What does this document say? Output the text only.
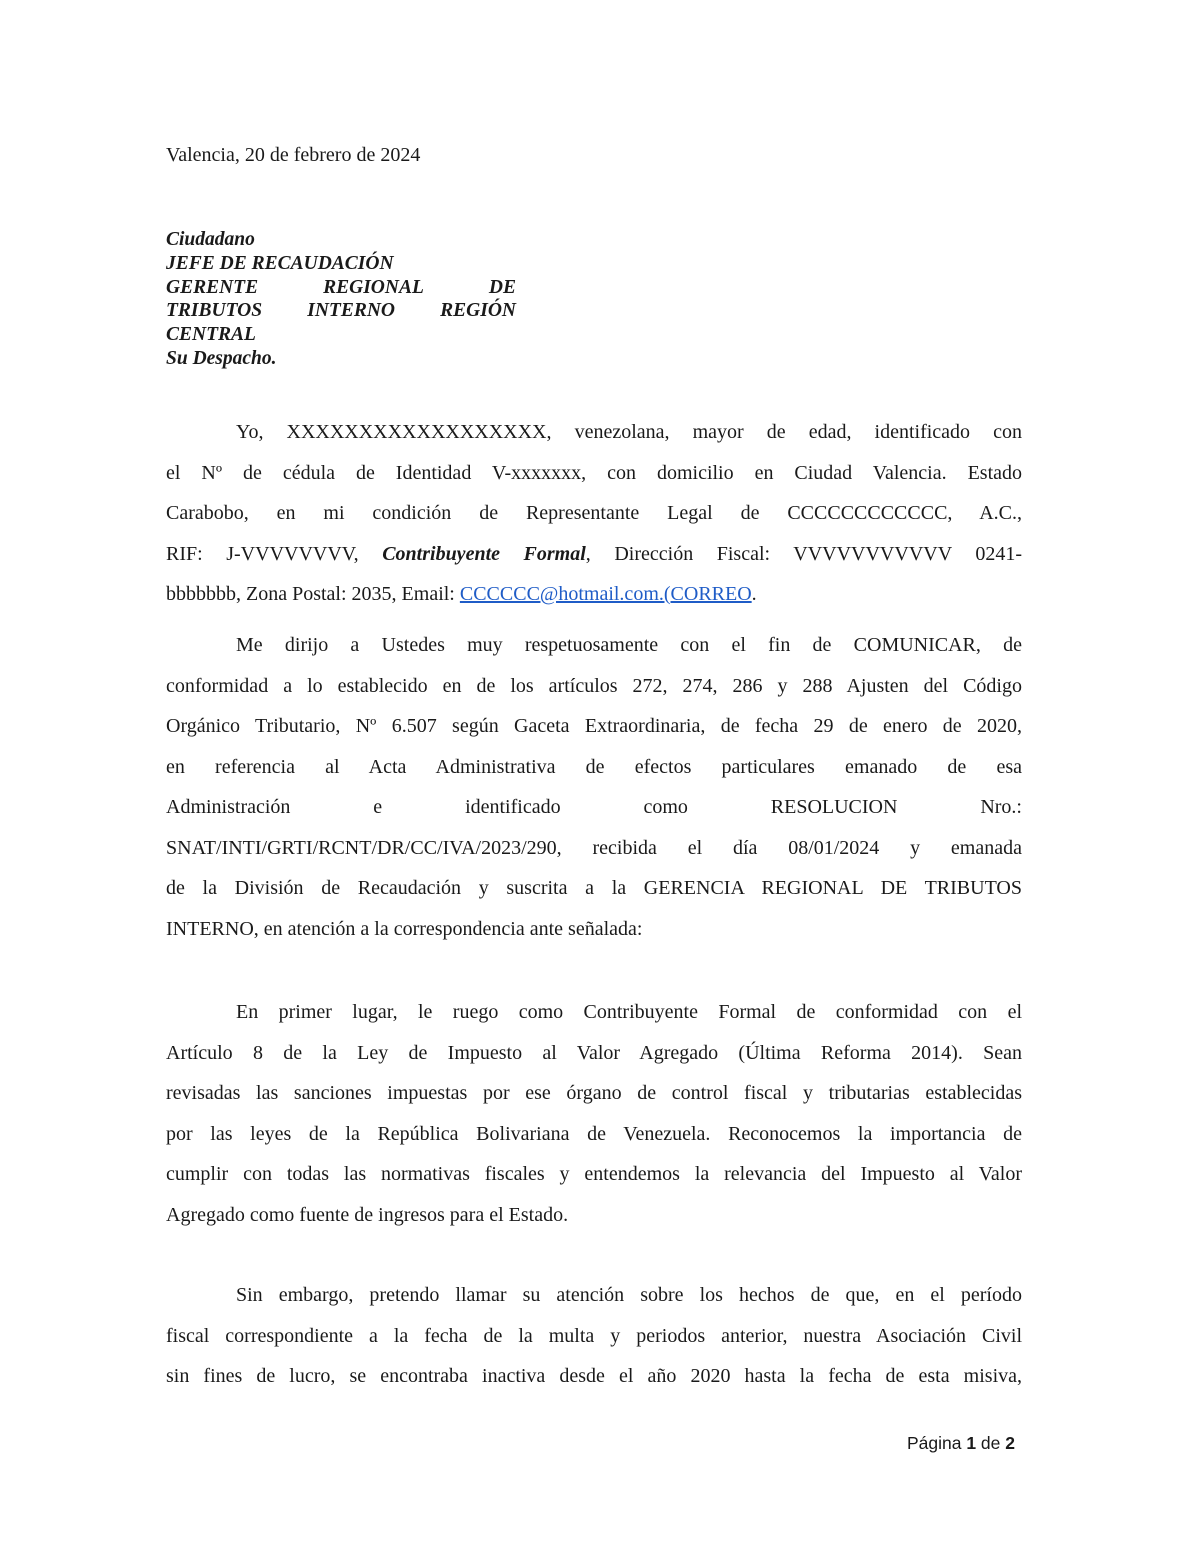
Valencia, 20 de febrero de 2024
Ciudadano
JEFE DE RECAUDACIÓN
GERENTE	REGIONAL	DE
TRIBUTOS INTERNO REGIÓN
CENTRAL
Su Despacho.
Yo, XXXXXXXXXXXXXXXXXX, venezolana, mayor de edad, identificado con
el Nº de cédula de Identidad V-xxxxxxx, con domicilio en Ciudad Valencia. Estado
Carabobo, en mi condición de Representante Legal de CCCCCCCCCCCC, A.C.,
RIF: J-VVVVVVVV, Contribuyente Formal, Dirección Fiscal: VVVVVVVVVVV 0241-
bbbbbbb, Zona Postal: 2035, Email: CCCCCC@hotmail.com.(CORREO.
Me dirijo a Ustedes muy respetuosamente con el fin de COMUNICAR, de
conformidad a lo establecido en de los artículos 272, 274, 286 y 288 Ajusten del Código
Orgánico Tributario, Nº 6.507 según Gaceta Extraordinaria, de fecha 29 de enero de 2020,
en referencia al Acta Administrativa de efectos particulares emanado de esa
Administración e identificado como RESOLUCION Nro.:
SNAT/INTI/GRTI/RCNT/DR/CC/IVA/2023/290, recibida el día 08/01/2024 y emanada
de la División de Recaudación y suscrita a la GERENCIA REGIONAL DE TRIBUTOS
INTERNO, en atención a la correspondencia ante señalada:
En primer lugar, le ruego como Contribuyente Formal de conformidad con el
Artículo 8 de la Ley de Impuesto al Valor Agregado (Última Reforma 2014). Sean
revisadas las sanciones impuestas por ese órgano de control fiscal y tributarias establecidas
por las leyes de la República Bolivariana de Venezuela. Reconocemos la importancia de
cumplir con todas las normativas fiscales y entendemos la relevancia del Impuesto al Valor
Agregado como fuente de ingresos para el Estado.
Sin embargo, pretendo llamar su atención sobre los hechos de que, en el período
fiscal correspondiente a la fecha de la multa y periodos anterior, nuestra Asociación Civil
sin fines de lucro, se encontraba inactiva desde el año 2020 hasta la fecha de esta misiva,
Página 1 de 2
